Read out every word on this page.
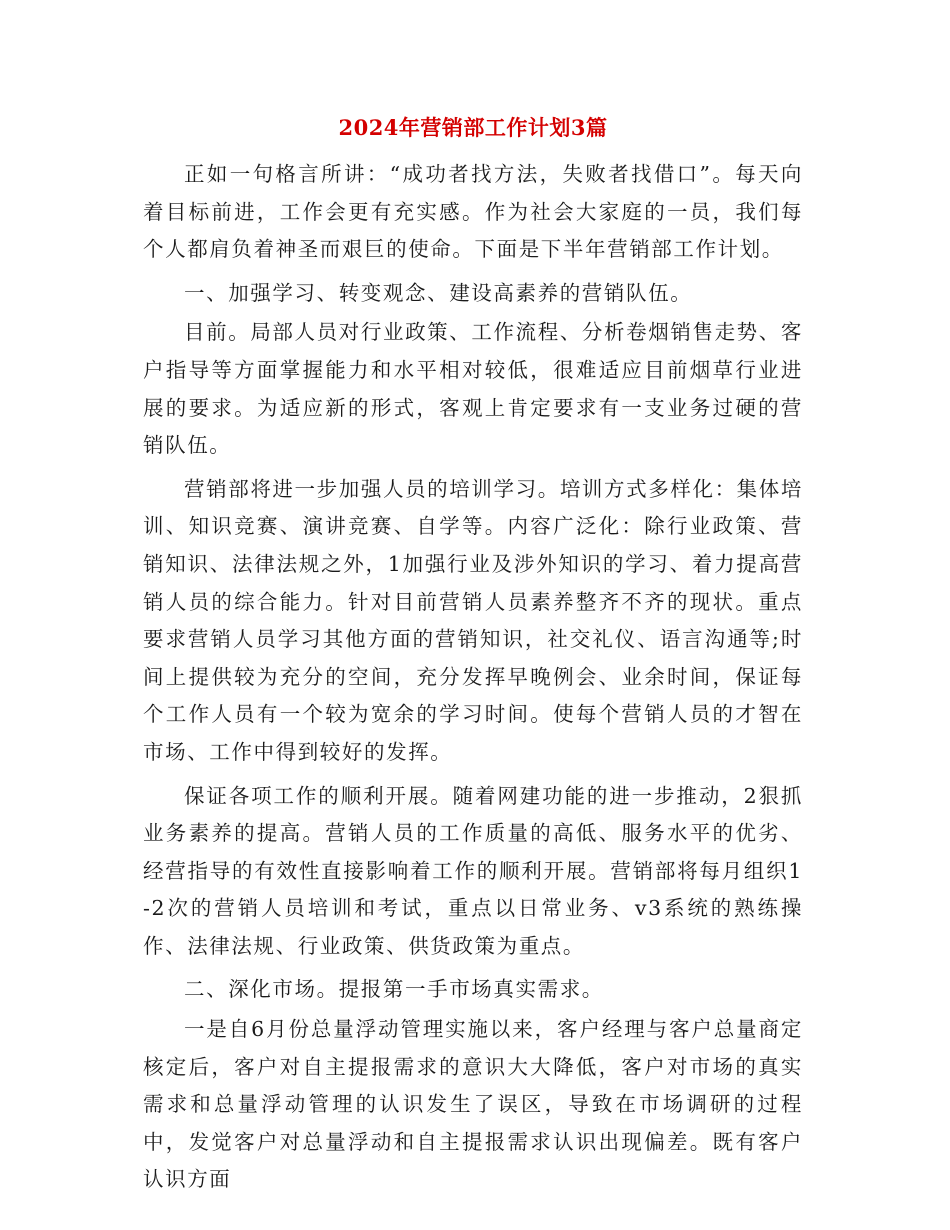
2024年营销部工作计划3篇

正如一句格言所讲：“成功者找方法，失败者找借口”。每天向着目标前进，工作会更有充实感。作为社会大家庭的一员，我们每个人都肩负着神圣而艰巨的使命。下面是下半年营销部工作计划。

一、加强学习、转变观念、建设高素养的营销队伍。

目前。局部人员对行业政策、工作流程、分析卷烟销售走势、客户指导等方面掌握能力和水平相对较低，很难适应目前烟草行业进展的要求。为适应新的形式，客观上肯定要求有一支业务过硬的营销队伍。

营销部将进一步加强人员的培训学习。培训方式多样化：集体培训、知识竞赛、演讲竞赛、自学等。内容广泛化：除行业政策、营销知识、法律法规之外，1加强行业及涉外知识的学习、着力提高营销人员的综合能力。针对目前营销人员素养整齐不齐的现状。重点要求营销人员学习其他方面的营销知识，社交礼仪、语言沟通等;时间上提供较为充分的空间，充分发挥早晚例会、业余时间，保证每个工作人员有一个较为宽余的学习时间。使每个营销人员的才智在市场、工作中得到较好的发挥。

保证各项工作的顺利开展。随着网建功能的进一步推动，2狠抓业务素养的提高。营销人员的工作质量的高低、服务水平的优劣、经营指导的有效性直接影响着工作的顺利开展。营销部将每月组织1-2次的营销人员培训和考试，重点以日常业务、v3系统的熟练操作、法律法规、行业政策、供货政策为重点。

二、深化市场。提报第一手市场真实需求。

一是自6月份总量浮动管理实施以来，客户经理与客户总量商定核定后，客户对自主提报需求的意识大大降低，客户对市场的真实需求和总量浮动管理的认识发生了误区，导致在市场调研的过程中，发觉客户对总量浮动和自主提报需求认识出现偏差。既有客户认识方面
